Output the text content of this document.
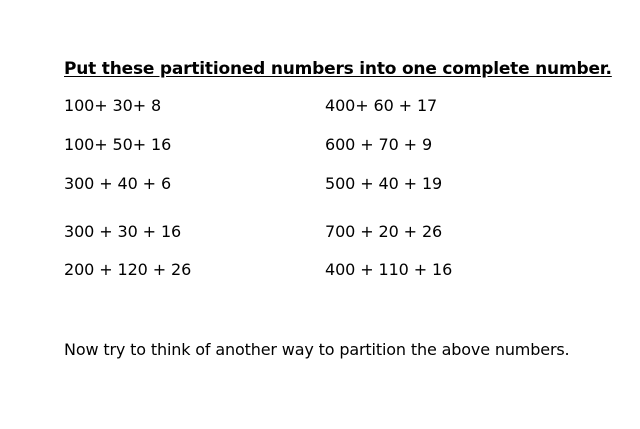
Put these partitioned numbers into one complete number.
100+ 30+ 8
100+ 50+ 16
300 + 40 + 6
300 + 30 + 16
200 + 120 + 26
400+ 60 + 17
600 + 70 + 9
500 + 40 + 19
700 + 20 + 26
400 + 110 + 16
Now try to think of another way to partition the above numbers.
